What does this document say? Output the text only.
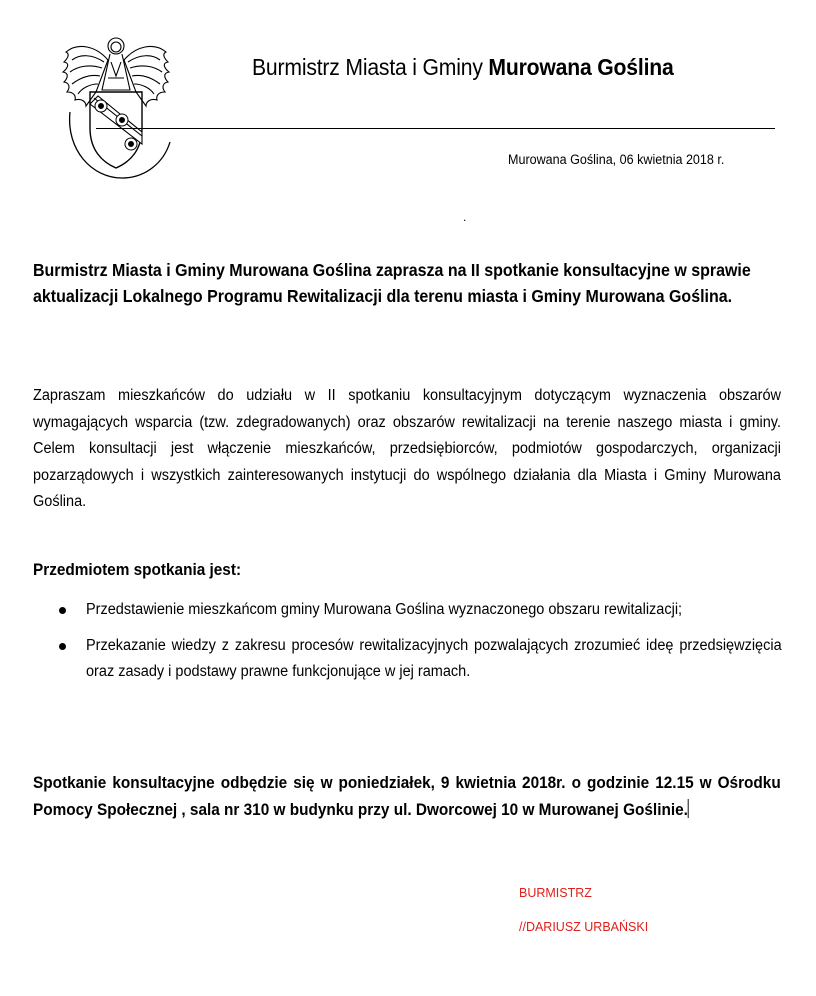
Burmistrz Miasta i Gminy Murowana Goślina
Murowana Goślina, 06 kwietnia 2018 r.
.
Burmistrz Miasta i Gminy Murowana Goślina zaprasza na II spotkanie konsultacyjne w sprawie aktualizacji Lokalnego Programu Rewitalizacji dla terenu miasta i Gminy Murowana Goślina.
Zapraszam mieszkańców do udziału w II spotkaniu konsultacyjnym dotyczącym wyznaczenia obszarów wymagających wsparcia (tzw. zdegradowanych) oraz obszarów rewitalizacji na terenie naszego miasta i gminy. Celem konsultacji jest włączenie mieszkańców, przedsiębiorców, podmiotów gospodarczych, organizacji pozarządowych i wszystkich zainteresowanych instytucji do wspólnego działania dla Miasta i Gminy Murowana Goślina.
Przedmiotem spotkania jest:
Przedstawienie mieszkańcom gminy Murowana Goślina wyznaczonego obszaru rewitalizacji;
Przekazanie wiedzy z zakresu procesów rewitalizacyjnych pozwalających zrozumieć ideę przedsięwzięcia oraz zasady i podstawy prawne funkcjonujące w jej ramach.
Spotkanie konsultacyjne odbędzie się w poniedziałek, 9 kwietnia 2018r. o godzinie 12.15 w Ośrodku Pomocy Społecznej , sala nr 310 w budynku przy ul. Dworcowej 10 w Murowanej Goślinie.
BURMISTRZ
//DARIUSZ URBAŃSKI
